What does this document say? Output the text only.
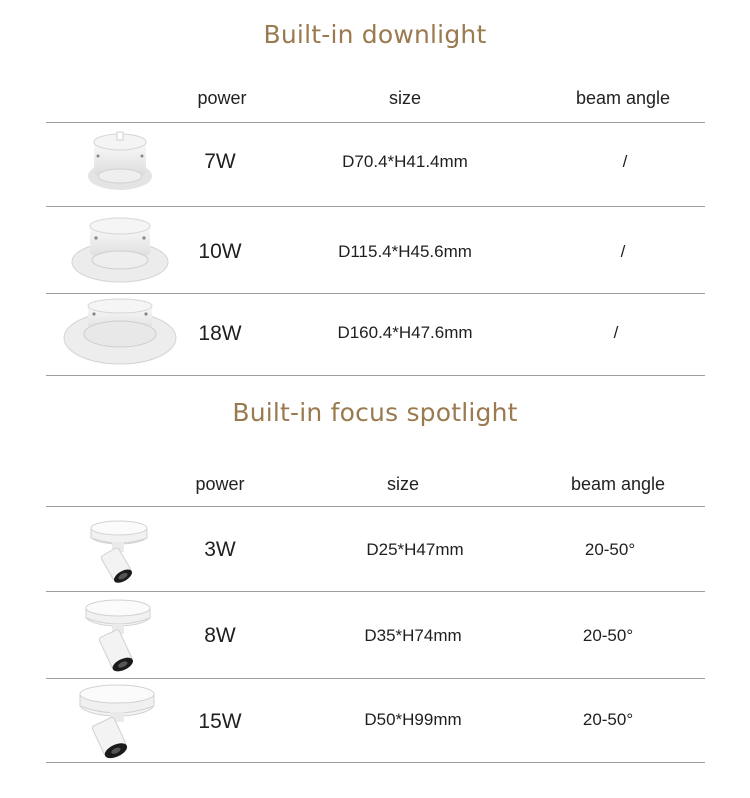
Built-in downlight
power	size	beam angle
7W	D70.4*H41.4mm	/
10W	D115.4*H45.6mm	/
18W	D160.4*H47.6mm	/
Built-in focus spotlight
power	size	beam angle
3W	D25*H47mm	20-50°
8W	D35*H74mm	20-50°
15W	D50*H99mm	20-50°
